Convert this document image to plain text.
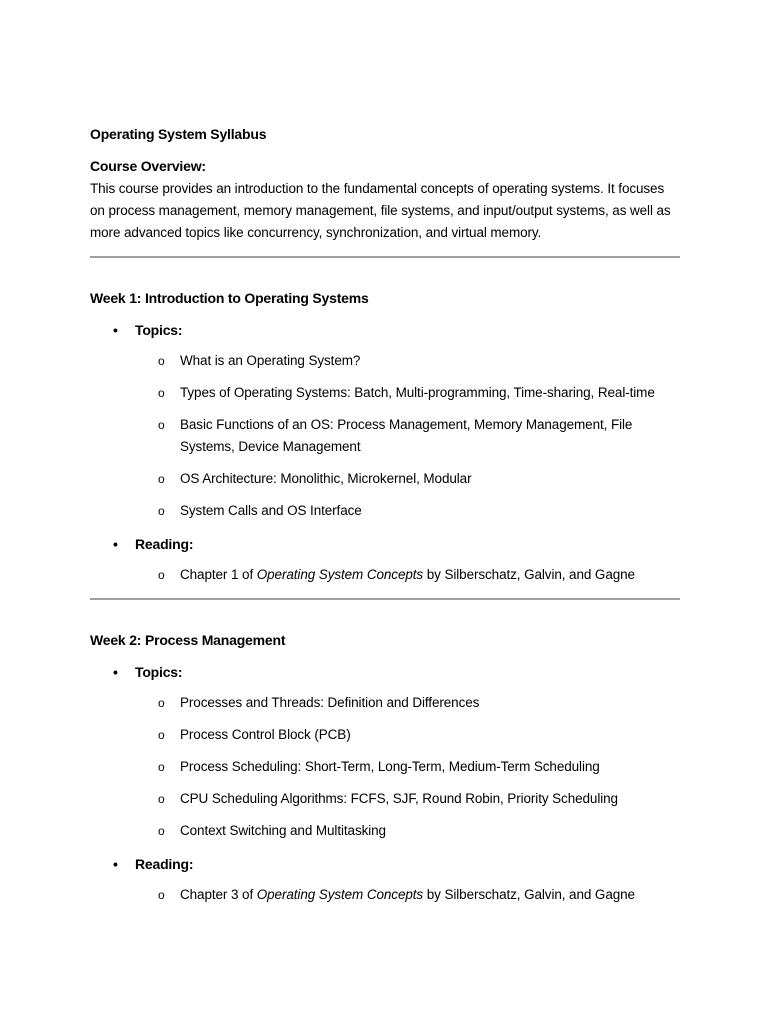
Operating System Syllabus

Course Overview:

This course provides an introduction to the fundamental concepts of operating systems. It focuses on process management, memory management, file systems, and input/output systems, as well as more advanced topics like concurrency, synchronization, and virtual memory.

Week 1: Introduction to Operating Systems

• Topics:
o What is an Operating System?
o Types of Operating Systems: Batch, Multi-programming, Time-sharing, Real-time
o Basic Functions of an OS: Process Management, Memory Management, File Systems, Device Management
o OS Architecture: Monolithic, Microkernel, Modular
o System Calls and OS Interface
• Reading:
o Chapter 1 of Operating System Concepts by Silberschatz, Galvin, and Gagne

Week 2: Process Management

• Topics:
o Processes and Threads: Definition and Differences
o Process Control Block (PCB)
o Process Scheduling: Short-Term, Long-Term, Medium-Term Scheduling
o CPU Scheduling Algorithms: FCFS, SJF, Round Robin, Priority Scheduling
o Context Switching and Multitasking
• Reading:
o Chapter 3 of Operating System Concepts by Silberschatz, Galvin, and Gagne
